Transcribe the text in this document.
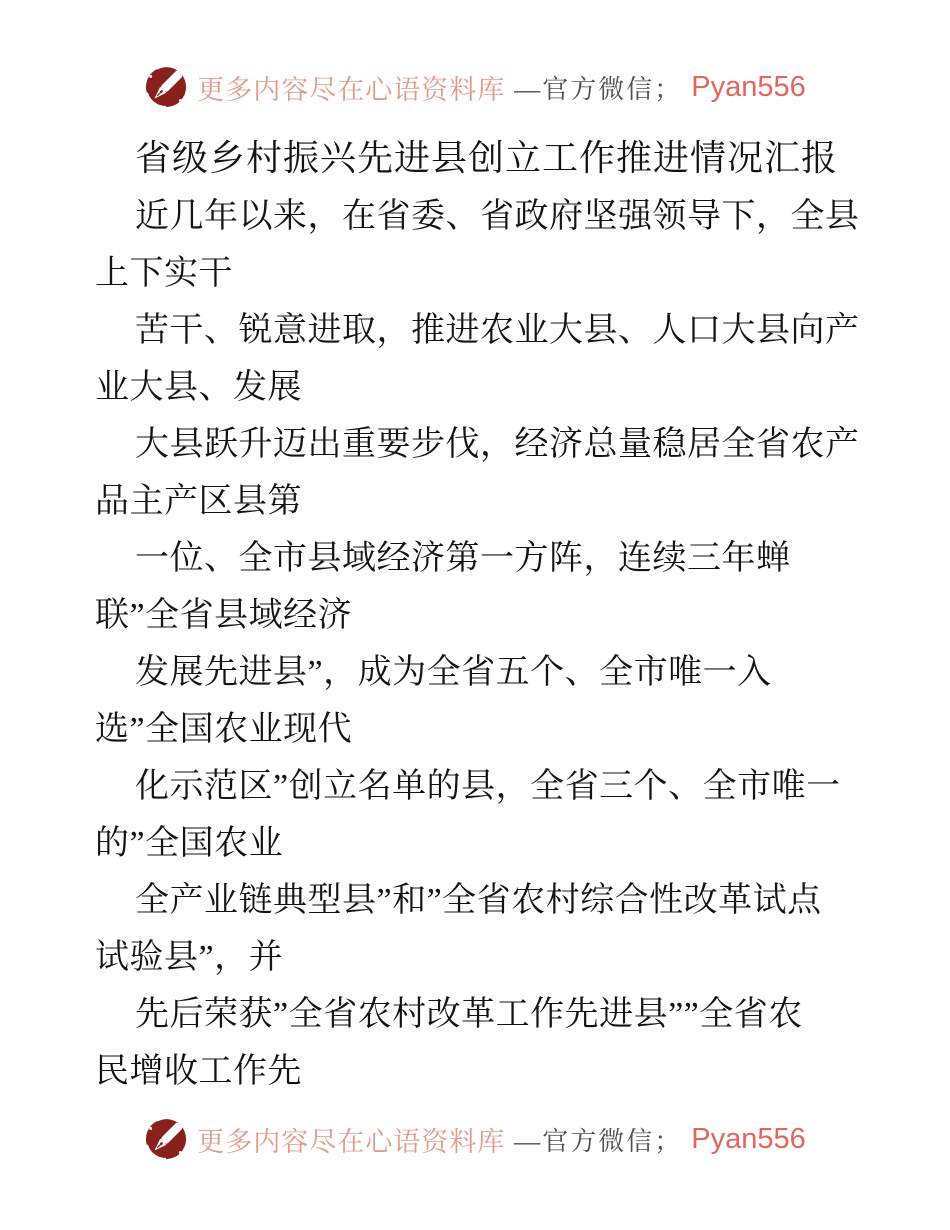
更多内容尽在心语资料库 —官方微信； Pyan556
省级乡村振兴先进县创立工作推进情况汇报
近几年以来，在省委、省政府坚强领导下，全县
上下实干
苦干、锐意进取，推进农业大县、人口大县向产
业大县、发展
大县跃升迈出重要步伐，经济总量稳居全省农产
品主产区县第
一位、全市县域经济第一方阵，连续三年蝉
联”全省县域经济
发展先进县”，成为全省五个、全市唯一入
选”全国农业现代
化示范区”创立名单的县，全省三个、全市唯一
的”全国农业
全产业链典型县”和”全省农村综合性改革试点
试验县”，并
先后荣获”全省农村改革工作先进县””全省农
民增收工作先
更多内容尽在心语资料库 —官方微信； Pyan556
